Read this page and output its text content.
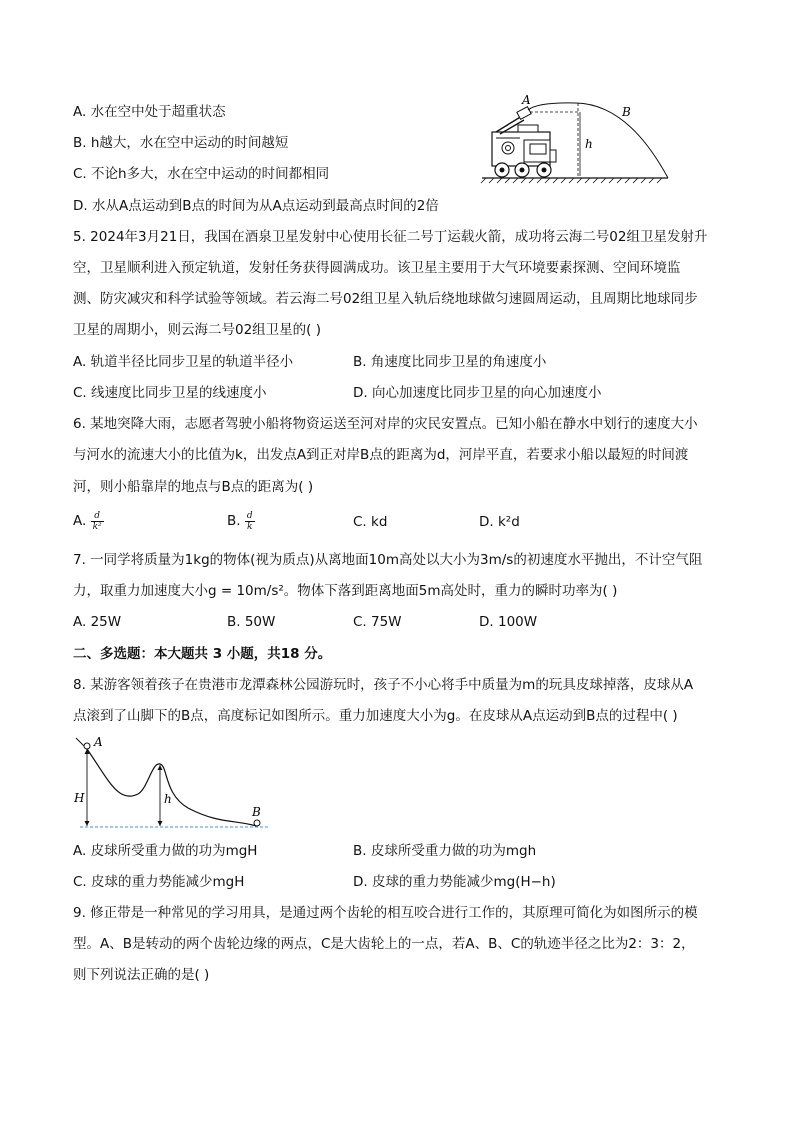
A. 水在空中处于超重状态
B. h越大，水在空中运动的时间越短
C. 不论h多大，水在空中运动的时间都相同
D. 水从A点运动到B点的时间为从A点运动到最高点时间的2倍
A
B
h
5. 2024年3月21日，我国在酒泉卫星发射中心使用长征二号丁运载火箭，成功将云海二号02组卫星发射升
空，卫星顺利进入预定轨道，发射任务获得圆满成功。该卫星主要用于大气环境要素探测、空间环境监
测、防灾减灾和科学试验等领域。若云海二号02组卫星入轨后绕地球做匀速圆周运动，且周期比地球同步
卫星的周期小，则云海二号02组卫星的( )
A. 轨道半径比同步卫星的轨道半径小	B. 角速度比同步卫星的角速度小
C. 线速度比同步卫星的线速度小	D. 向心加速度比同步卫星的向心加速度小
6. 某地突降大雨，志愿者驾驶小船将物资运送至河对岸的灾民安置点。已知小船在静水中划行的速度大小
与河水的流速大小的比值为k，出发点A到正对岸B点的距离为d，河岸平直，若要求小船以最短的时间渡
河，则小船靠岸的地点与B点的距离为( )
A. $\frac{d}{\text{k²}}$	B. $\frac{d}{k}$	C. kd	D. k²d
7. 一同学将质量为1kg的物体(视为质点)从离地面10m高处以大小为3m/s的初速度水平抛出，不计空气阻
力，取重力加速度大小g = 10m/s²。物体下落到距离地面5m高处时，重力的瞬时功率为( )
A. 25W	B. 50W	C. 75W	D. 100W
二、多选题：本大题共 3 小题，共18 分。
8. 某游客领着孩子在贵港市龙潭森林公园游玩时，孩子不小心将手中质量为m的玩具皮球掉落，皮球从A
点滚到了山脚下的B点，高度标记如图所示。重力加速度大小为g。在皮球从A点运动到B点的过程中( )
A
B
H	h
A. 皮球所受重力做的功为mgH	B. 皮球所受重力做的功为mgh
C. 皮球的重力势能减少mgH	D. 皮球的重力势能减少mg(H−h)
9. 修正带是一种常见的学习用具，是通过两个齿轮的相互咬合进行工作的，其原理可简化为如图所示的模
型。A、B是转动的两个齿轮边缘的两点，C是大齿轮上的一点，若A、B、C的轨迹半径之比为2：3：2，
则下列说法正确的是( )
